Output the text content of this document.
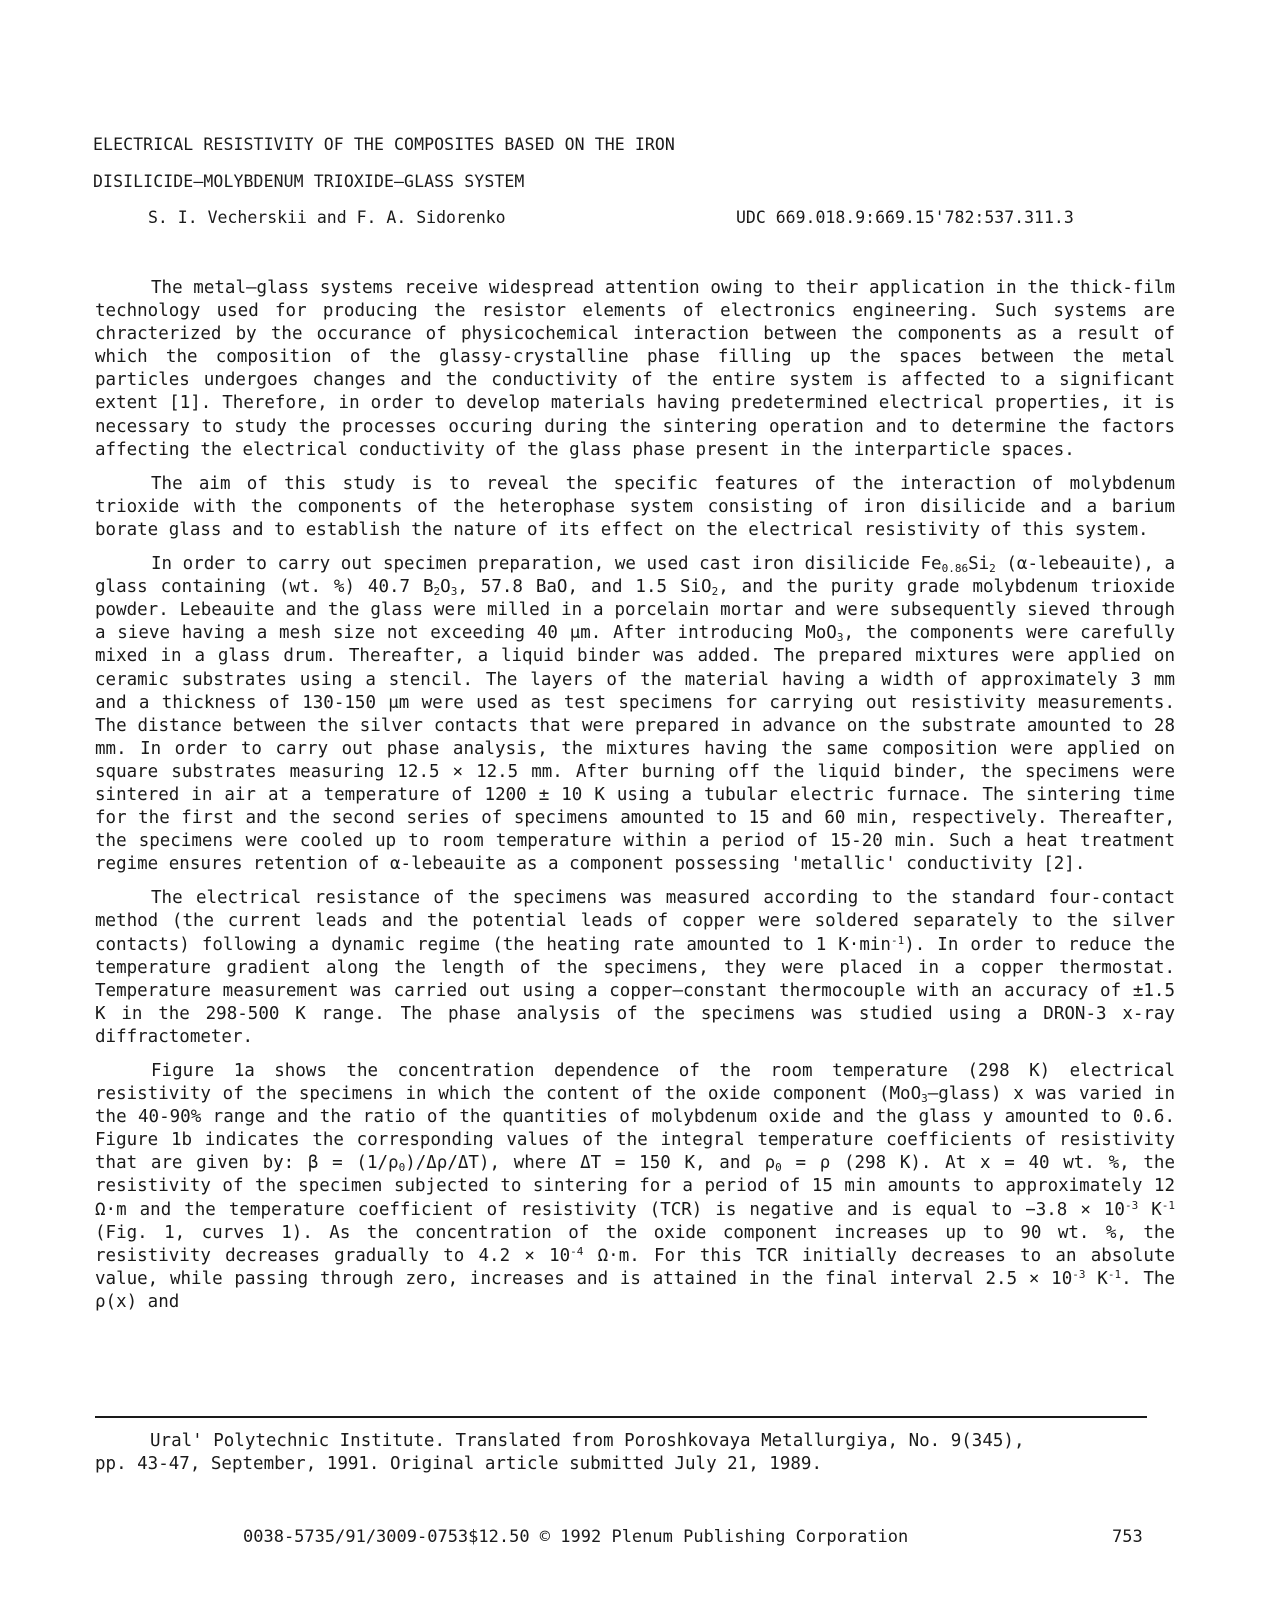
ELECTRICAL RESISTIVITY OF THE COMPOSITES BASED ON THE IRON
DISILICIDE—MOLYBDENUM TRIOXIDE—GLASS SYSTEM
S. I. Vecherskii and F. A. Sidorenko	UDC 669.018.9:669.15'782:537.311.3

The metal—glass systems receive widespread attention owing to their application in the thick-film technology used for producing the resistor elements of electronics engineering. Such systems are chracterized by the occurance of physicochemical interaction between the components as a result of which the composition of the glassy-crystalline phase filling up the spaces between the metal particles undergoes changes and the conductivity of the entire system is affected to a significant extent [1]. Therefore, in order to develop materials having predetermined electrical properties, it is necessary to study the processes occuring during the sintering operation and to determine the factors affecting the electrical conductivity of the glass phase present in the interparticle spaces.

The aim of this study is to reveal the specific features of the interaction of molybdenum trioxide with the components of the heterophase system consisting of iron disilicide and a barium borate glass and to establish the nature of its effect on the electrical resistivity of this system.

In order to carry out specimen preparation, we used cast iron disilicide $Fe_{0.86}Si_2$ (α-lebeauite), a glass containing (wt. %) 40.7 $B_2O_3$, 57.8 BaO, and 1.5 SiO$_2$, and the purity grade molybdenum trioxide powder. Lebeauite and the glass were milled in a porcelain mortar and were subsequently sieved through a sieve having a mesh size not exceeding 40 μm. After introducing MoO$_3$, the components were carefully mixed in a glass drum. Thereafter, a liquid binder was added. The prepared mixtures were applied on ceramic substrates using a stencil. The layers of the material having a width of approximately 3 mm and a thickness of 130-150 μm were used as test specimens for carrying out resistivity measurements. The distance between the silver contacts that were prepared in advance on the substrate amounted to 28 mm. In order to carry out phase analysis, the mixtures having the same composition were applied on square substrates measuring 12.5 × 12.5 mm. After burning off the liquid binder, the specimens were sintered in air at a temperature of 1200 ± 10 K using a tubular electric furnace. The sintering time for the first and the second series of specimens amounted to 15 and 60 min, respectively. Thereafter, the specimens were cooled up to room temperature within a period of 15-20 min. Such a heat treatment regime ensures retention of α-lebeauite as a component possessing 'metallic' conductivity [2].

The electrical resistance of the specimens was measured according to the standard four-contact method (the current leads and the potential leads of copper were soldered separately to the silver contacts) following a dynamic regime (the heating rate amounted to 1 $K\cdot\min^{-1}$). In order to reduce the temperature gradient along the length of the specimens, they were placed in a copper thermostat. Temperature measurement was carried out using a copper—constant thermocouple with an accuracy of ±1.5 K in the 298-500 K range. The phase analysis of the specimens was studied using a DRON-3 x-ray diffractometer.

Figure 1a shows the concentration dependence of the room temperature (298 K) electrical resistivity of the specimens in which the content of the oxide component (MoO$_3$—glass) x was varied in the 40-90% range and the ratio of the quantities of molybdenum oxide and the glass y amounted to 0.6. Figure 1b indicates the corresponding values of the integral temperature coefficients of resistivity that are given by: $\beta = (1/\rho_0)/\Delta\rho/\Delta T$), where ΔT = 150 K, and $\rho_0 = \rho$ (298 K). At x = 40 wt. %, the resistivity of the specimen subjected to sintering for a period of 15 min amounts to approximately 12 Ω·m and the temperature coefficient of resistivity (TCR) is negative and is equal to $-3.8 \times 10^{-3}$ $K^{-1}$ (Fig. 1, curves 1). As the concentration of the oxide component increases up to 90 wt. %, the resistivity decreases gradually to $4.2 \times 10^{-4}$ Ω·m. For this TCR initially decreases to an absolute value, while passing through zero, increases and is attained in the final interval $2.5 \times 10^{-3}$ $K^{-1}$. The ρ(x) and

Ural' Polytechnic Institute. Translated from Poroshkovaya Metallurgiya, No. 9(345),
pp. 43-47, September, 1991. Original article submitted July 21, 1989.
0038-5735/91/3009-0753$12.50 © 1992 Plenum Publishing Corporation	753
